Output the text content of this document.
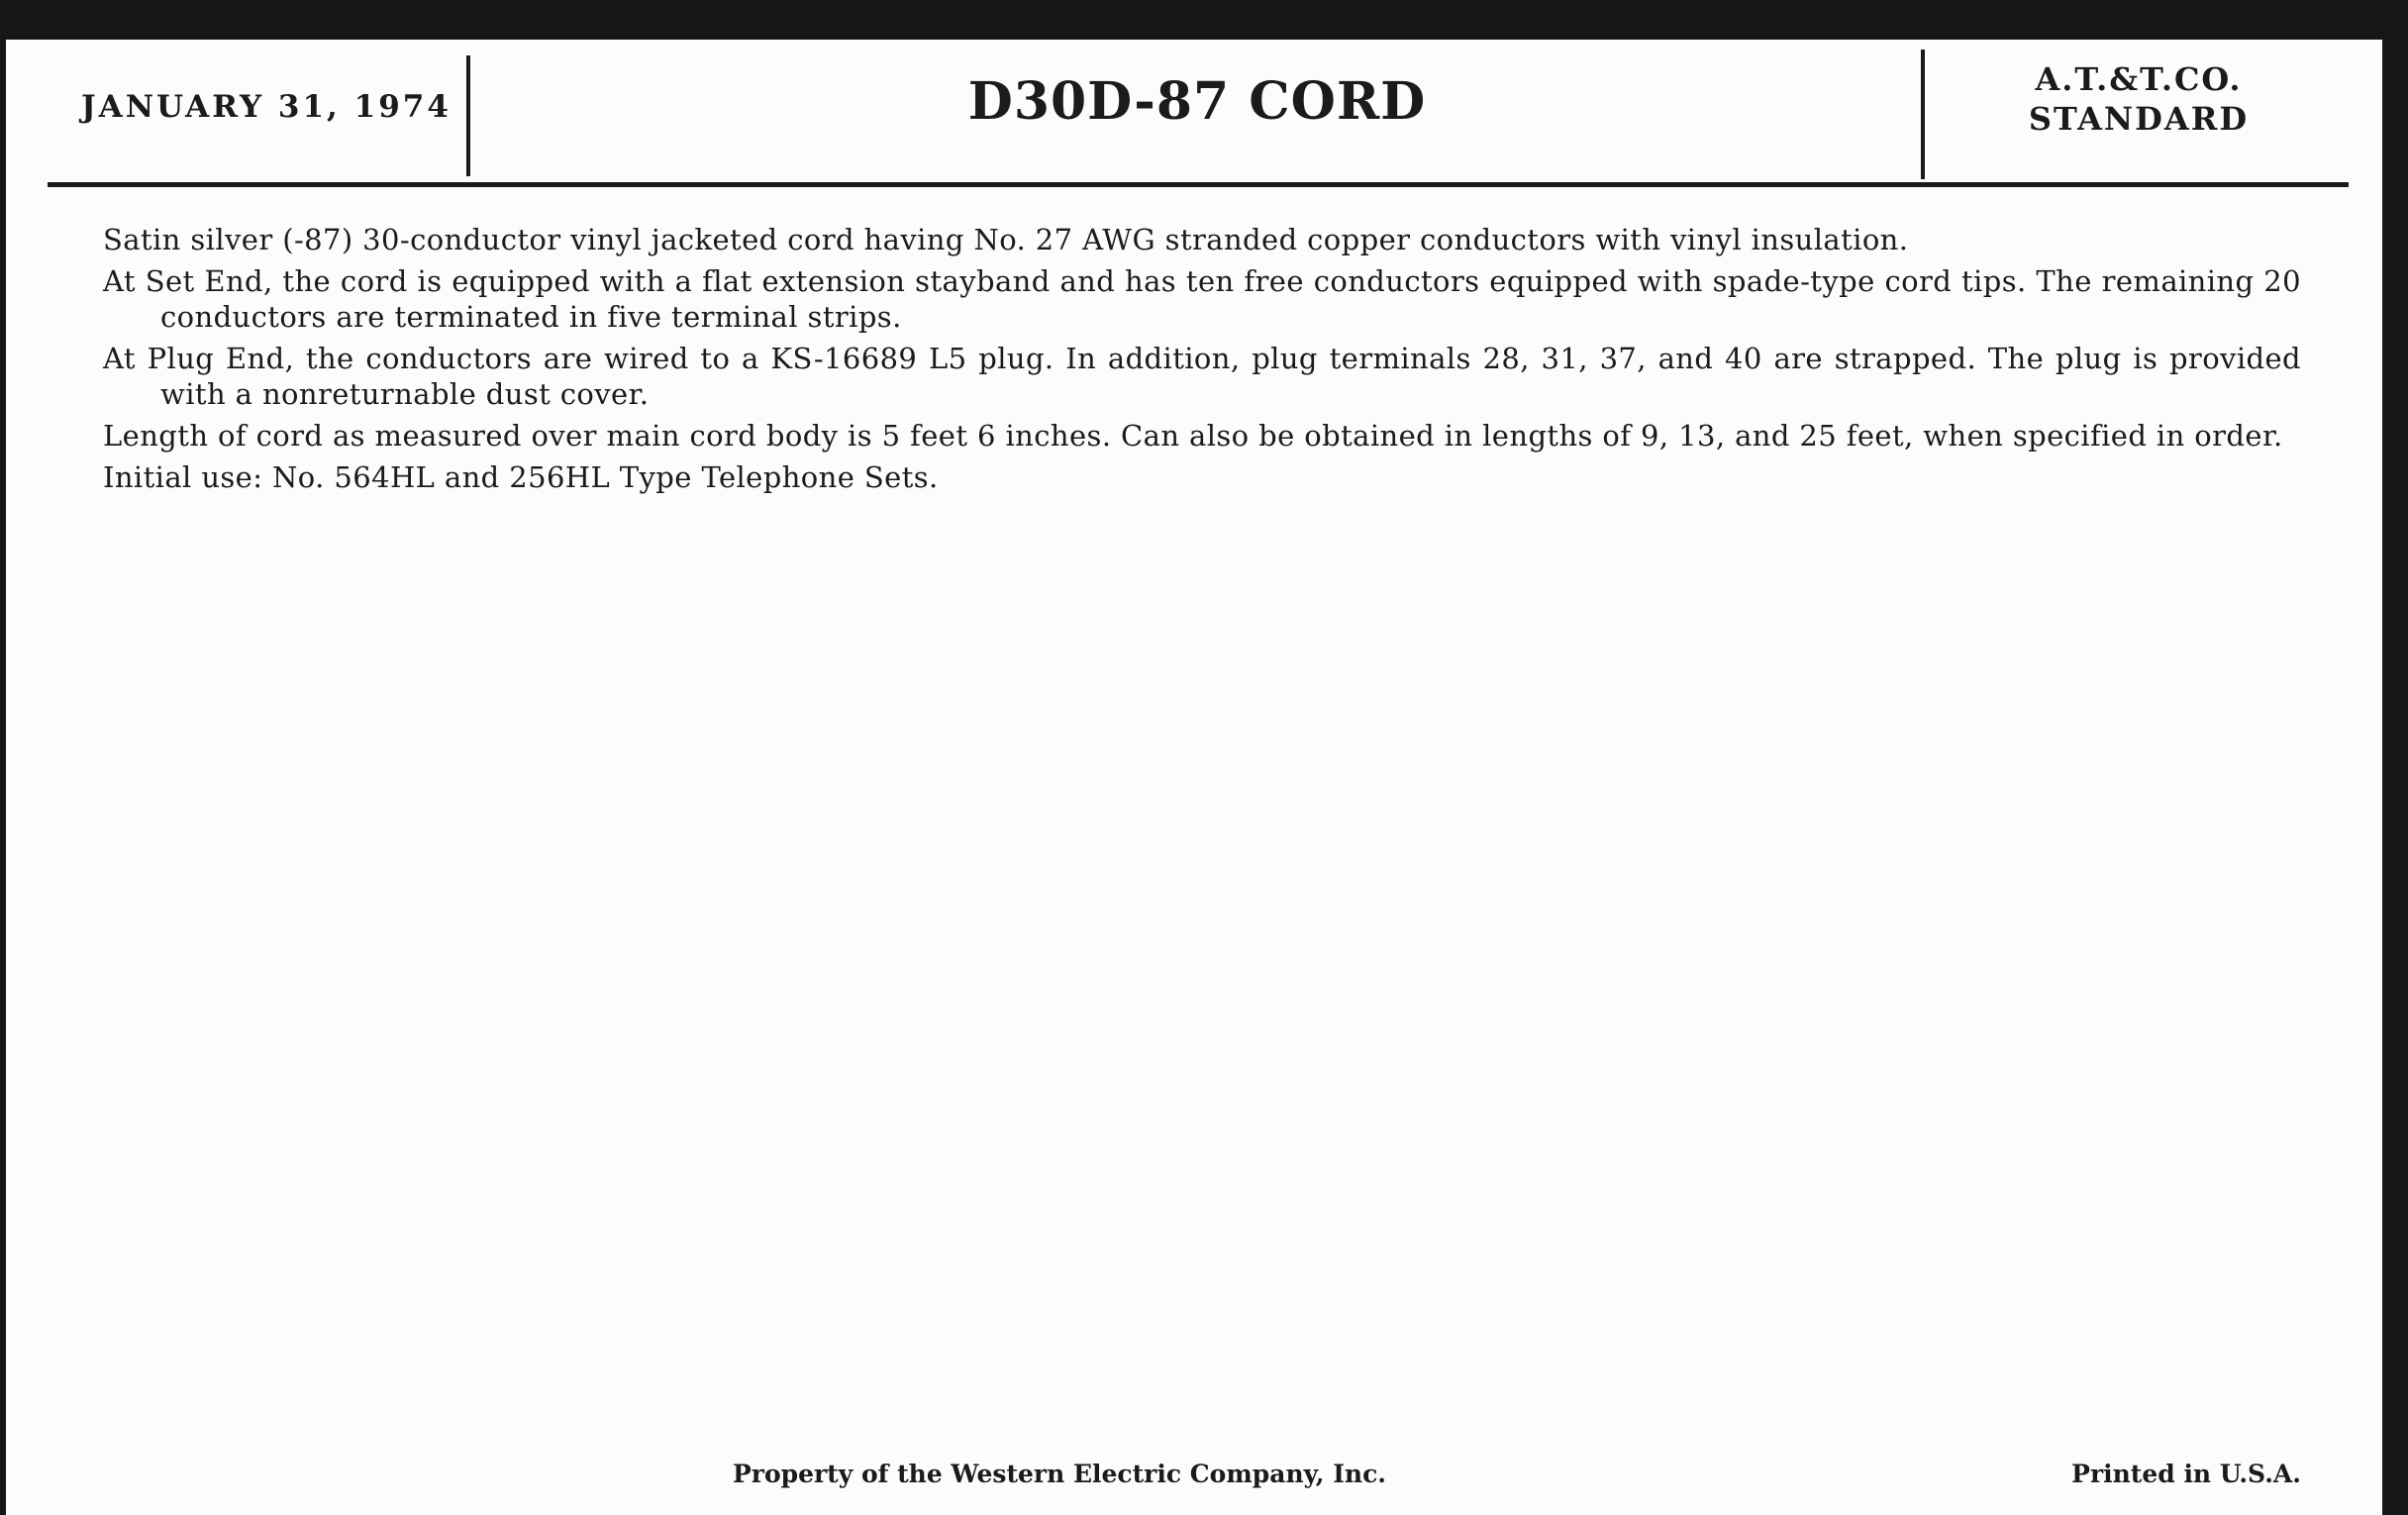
JANUARY 31, 1974	D30D-87 CORD	A.T.&T.CO.
STANDARD

Satin silver (-87) 30-conductor vinyl jacketed cord having No. 27 AWG stranded copper conductors with vinyl insulation.

At Set End, the cord is equipped with a flat extension stayband and has ten free conductors equipped with spade-type cord tips. The remaining 20 conductors are terminated in five terminal strips.

At Plug End, the conductors are wired to a KS-16689 L5 plug. In addition, plug terminals 28, 31, 37, and 40 are strapped. The plug is provided with a nonreturnable dust cover.

Length of cord as measured over main cord body is 5 feet 6 inches. Can also be obtained in lengths of 9, 13, and 25 feet, when specified in order.

Initial use: No. 564HL and 256HL Type Telephone Sets.

Property of the Western Electric Company, Inc.	Printed in U.S.A.
